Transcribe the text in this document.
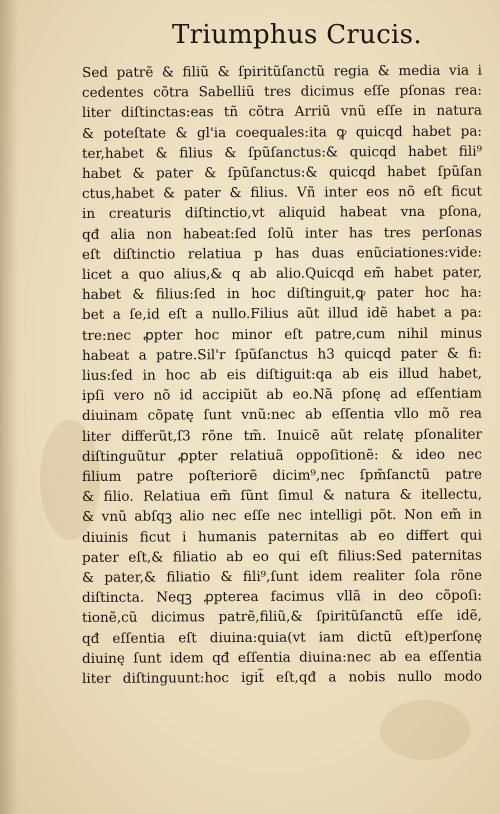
Triumphus Crucis.
Sed patrẽ & filiũ & ſpiritũſanctũ regia & media via i
cedentes cõtra Sabelliũ tres dicimus eſſe pſonas rea:
liter diſtinctas:eas tñ cõtra Arriũ vnũ eſſe in natura
& poteſtate & gl'ia coequales:ita ꝙ quicqd habet pa:
ter,habet & filius & ſpũſanctus:& quicqd habet fili⁹
habet & pater & ſpũſanctus:& quicqd habet ſpũſan
ctus,habet & pater & filius. Vñ inter eos nõ eſt ficut
in creaturis diſtinctio,vt aliquid habeat vna pſona,
qđ alia non habeat:ſed ſolũ inter has tres perſonas
eſt diſtinctio relatiua p has duas enũciationes:vide:
licet a quo alius,& q ab alio.Quicqd em̃ habet pater,
habet & filius:ſed in hoc diſtinguit,ꝙ pater hoc ha:
bet a ſe,id eſt a nullo.Filius aũt illud idẽ habet a pa:
tre:nec ꝓpter hoc minor eſt patre,cum nihil minus
habeat a patre.Sil'r ſpũſanctus h3 quicqd pater & fi:
lius:ſed in hoc ab eis diſtiguit:qa ab eis illud habet,
ipſi vero nõ id accipiũt ab eo.Nã pſonę ad eſſentiam
diuinam cõpatę ſunt vnũ:nec ab eſſentia vllo mõ rea
liter differũt,ſ3 rõne tm̃. Inuicẽ aũt relatę pſonaliter
diſtinguũtur ꝓpter relatiuã oppoſitionẽ: & ideo nec
filium patre poſteriorẽ dicim⁹,nec ſpm̃ſanctũ patre
& filio. Relatiua em̃ ſũnt ſimul & natura & itellectu,
& vnũ abſqꝫ alio nec eſſe nec intelligi põt. Non em̃ in
diuinis ficut i humanis paternitas ab eo differt qui
pater eſt,& filiatio ab eo qui eſt filius:Sed paternitas
& pater,& filiatio & fili⁹,ſunt idem realiter ſola rõne
diſtincta. Neqꝫ ꝓpterea facimus vllã in deo cõpoſi:
tionẽ,cũ dicimus patrẽ,filiũ,& ſpiritũſanctũ eſſe idẽ,
qđ eſſentia eſt diuina:quia(vt iam dictũ eſt)perſonę
diuinę ſunt idem qđ eſſentia diuina:nec ab ea eſſentia
liter diſtinguunt:hoc igit̃ eſt,qđ a nobis nullo modo
